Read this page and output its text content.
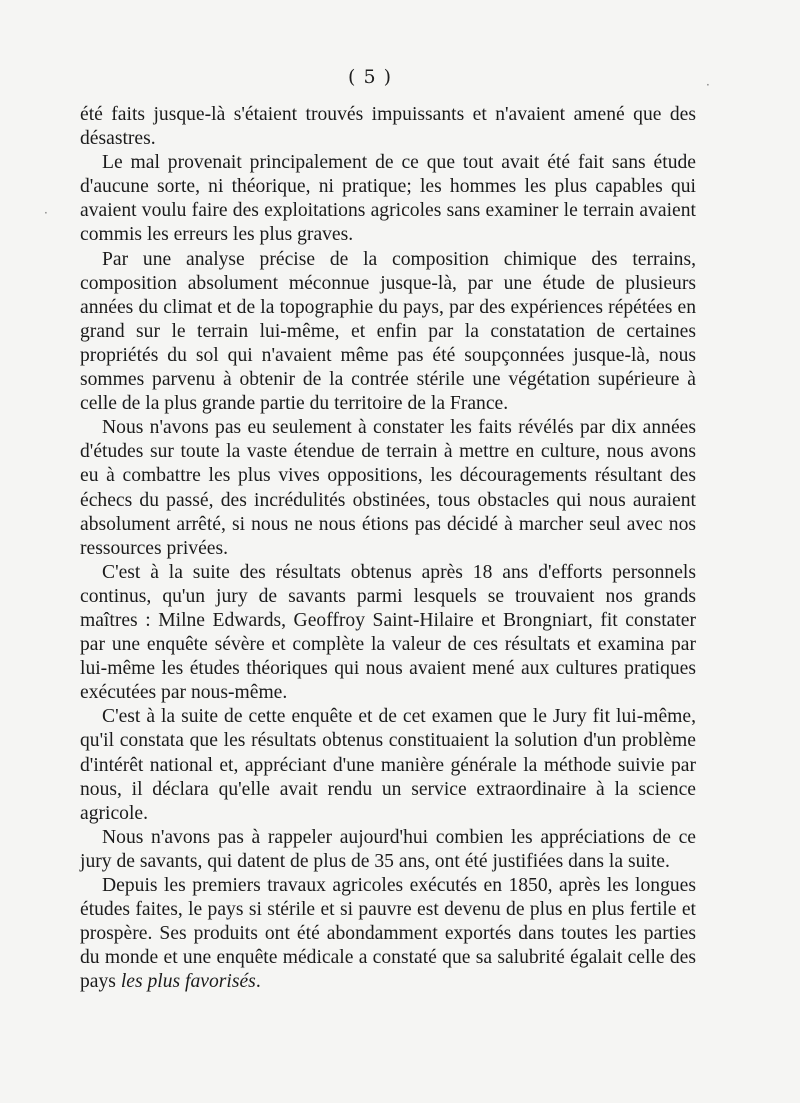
( 5 )

été faits jusque-là s'étaient trouvés impuissants et n'avaient amené que des désastres.

Le mal provenait principalement de ce que tout avait été fait sans étude d'aucune sorte, ni théorique, ni pratique; les hommes les plus capables qui avaient voulu faire des exploitations agricoles sans examiner le terrain avaient commis les erreurs les plus graves.

Par une analyse précise de la composition chimique des terrains, composition absolument méconnue jusque-là, par une étude de plusieurs années du climat et de la topographie du pays, par des expériences répétées en grand sur le terrain lui-même, et enfin par la constatation de certaines propriétés du sol qui n'avaient même pas été soupçonnées jusque-là, nous sommes parvenu à obtenir de la contrée stérile une végétation supérieure à celle de la plus grande partie du territoire de la France.

Nous n'avons pas eu seulement à constater les faits révélés par dix années d'études sur toute la vaste étendue de terrain à mettre en culture, nous avons eu à combattre les plus vives oppositions, les découragements résultant des échecs du passé, des incrédulités obstinées, tous obstacles qui nous auraient absolument arrêté, si nous ne nous étions pas décidé à marcher seul avec nos ressources privées.

C'est à la suite des résultats obtenus après 18 ans d'efforts personnels continus, qu'un jury de savants parmi lesquels se trouvaient nos grands maîtres : Milne Edwards, Geoffroy Saint-Hilaire et Brongniart, fit constater par une enquête sévère et complète la valeur de ces résultats et examina par lui-même les études théoriques qui nous avaient mené aux cultures pratiques exécutées par nous-même.

C'est à la suite de cette enquête et de cet examen que le Jury fit lui-même, qu'il constata que les résultats obtenus constituaient la solution d'un problème d'intérêt national et, appréciant d'une manière générale la méthode suivie par nous, il déclara qu'elle avait rendu un service extraordinaire à la science agricole.

Nous n'avons pas à rappeler aujourd'hui combien les appréciations de ce jury de savants, qui datent de plus de 35 ans, ont été justifiées dans la suite.

Depuis les premiers travaux agricoles exécutés en 1850, après les longues études faites, le pays si stérile et si pauvre est devenu de plus en plus fertile et prospère. Ses produits ont été abondamment exportés dans toutes les parties du monde et une enquête médicale a constaté que sa salubrité égalait celle des pays les plus favorisés.

·
·
